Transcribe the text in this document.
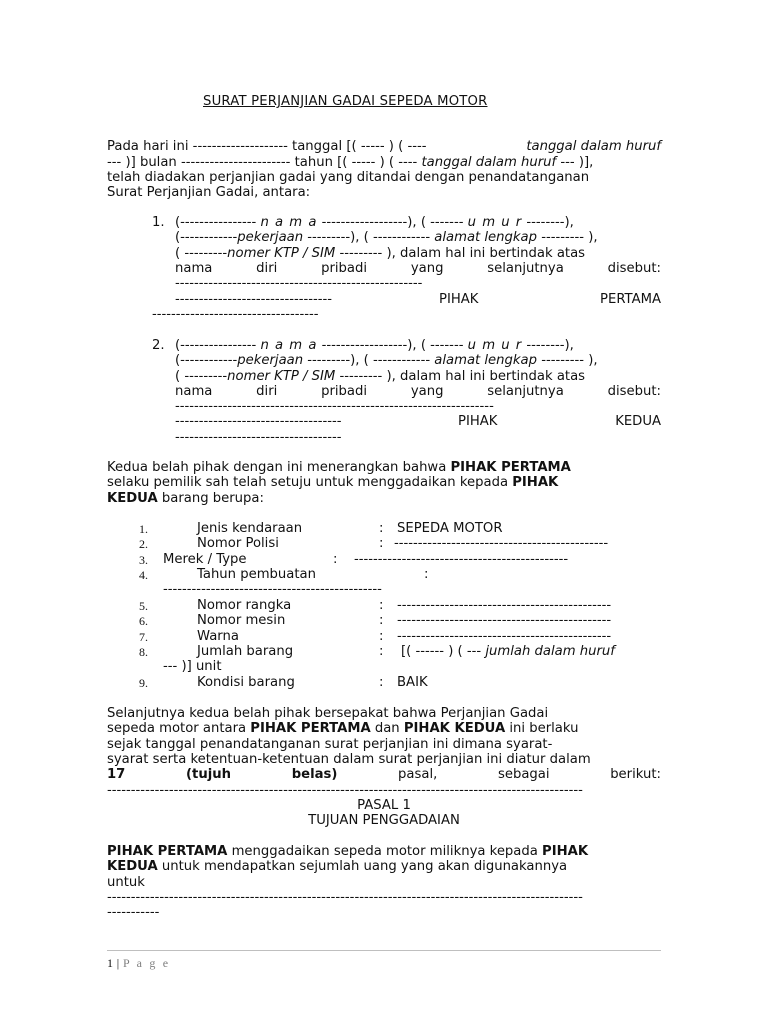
SURAT PERJANJIAN GADAI SEPEDA MOTOR
Pada hari ini -------------------- tanggal [( ----- ) ( ----	tanggal dalam huruf
--- )] bulan ----------------------- tahun [( ----- ) ( ---- tanggal dalam huruf --- )],
telah diadakan perjanjian gadai yang ditandai dengan penandatanganan
Surat Perjanjian Gadai, antara:
1. (---------------- n a m a ------------------), ( ------- u m u r --------),
(------------pekerjaan ---------), ( ------------ alamat lengkap --------- ),
( ---------nomer KTP / SIM --------- ), dalam hal ini bertindak atas
nama	diri	pribadi	yang	selanjutnya	disebut:
----------------------------------------------------
---------------------------------	PIHAK	PERTAMA
-----------------------------------
2. (---------------- n a m a ------------------), ( ------- u m u r --------),
(------------pekerjaan ---------), ( ------------ alamat lengkap --------- ),
( ---------nomer KTP / SIM --------- ), dalam hal ini bertindak atas
nama	diri	pribadi	yang	selanjutnya	disebut:
-------------------------------------------------------------------
-----------------------------------	PIHAK	KEDUA
-----------------------------------
Kedua belah pihak dengan ini menerangkan bahwa PIHAK PERTAMA
selaku pemilik sah telah setuju untuk menggadaikan kepada PIHAK
KEDUA barang berupa:
1.	Jenis kendaraan	: SEPEDA MOTOR
2.	Nomor Polisi	: ---------------------------------------------
3. Merek / Type	: ---------------------------------------------
4.	Tahun pembuatan	:
----------------------------------------------
5.	Nomor rangka	: ---------------------------------------------
6.	Nomor mesin	: ---------------------------------------------
7.	Warna	: ---------------------------------------------
8.	Jumlah barang	: [( ------ ) ( --- jumlah dalam huruf
--- )] unit
9.	Kondisi barang	: BAIK
Selanjutnya kedua belah pihak bersepakat bahwa Perjanjian Gadai
sepeda motor antara PIHAK PERTAMA dan PIHAK KEDUA ini berlaku
sejak tanggal penandatanganan surat perjanjian ini dimana syarat-
syarat serta ketentuan-ketentuan dalam surat perjanjian ini diatur dalam
17	(tujuh	belas)	pasal,	sebagai	berikut:
----------------------------------------------------------------------------------------------------
PASAL 1
TUJUAN PENGGADAIAN
PIHAK PERTAMA menggadaikan sepeda motor miliknya kepada PIHAK
KEDUA untuk mendapatkan sejumlah uang yang akan digunakannya
untuk
----------------------------------------------------------------------------------------------------
-----------
1 | P a g e
